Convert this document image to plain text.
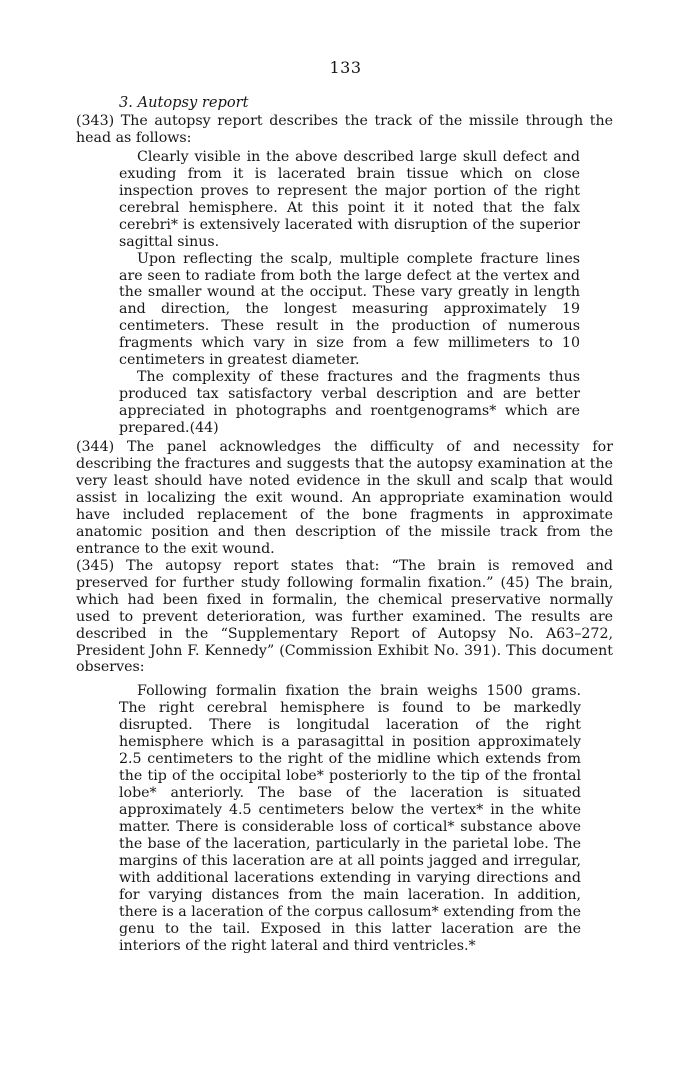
133
3. Autopsy report

(343) The autopsy report describes the track of the missile through the head as follows:

Clearly visible in the above described large skull defect and exuding from it is lacerated brain tissue which on close inspection proves to represent the major portion of the right cerebral hemisphere. At this point it it noted that the falx cerebri* is extensively lacerated with disruption of the superior sagittal sinus.

Upon reflecting the scalp, multiple complete fracture lines are seen to radiate from both the large defect at the vertex and the smaller wound at the occiput. These vary greatly in length and direction, the longest measuring approximately 19 centimeters. These result in the production of numerous fragments which vary in size from a few millimeters to 10 centimeters in greatest diameter.

The complexity of these fractures and the fragments thus produced tax satisfactory verbal description and are better appreciated in photographs and roentgenograms* which are prepared.(44)

(344) The panel acknowledges the difficulty of and necessity for describing the fractures and suggests that the autopsy examination at the very least should have noted evidence in the skull and scalp that would assist in localizing the exit wound. An appropriate examination would have included replacement of the bone fragments in approximate anatomic position and then description of the missile track from the entrance to the exit wound.

(345) The autopsy report states that: “The brain is removed and preserved for further study following formalin fixation.” (45) The brain, which had been fixed in formalin, the chemical preservative normally used to prevent deterioration, was further examined. The results are described in the “Supplementary Report of Autopsy No. A63–272, President John F. Kennedy” (Commission Exhibit No. 391). This document observes:

Following formalin fixation the brain weighs 1500 grams. The right cerebral hemisphere is found to be markedly disrupted. There is longitudal laceration of the right hemisphere which is a parasagittal in position approximately 2.5 centimeters to the right of the midline which extends from the tip of the occipital lobe* posteriorly to the tip of the frontal lobe* anteriorly. The base of the laceration is situated approximately 4.5 centimeters below the vertex* in the white matter. There is considerable loss of cortical* substance above the base of the laceration, particularly in the parietal lobe. The margins of this laceration are at all points jagged and irregular, with additional lacerations extending in varying directions and for varying distances from the main laceration. In addition, there is a laceration of the corpus callosum* extending from the genu to the tail. Exposed in this latter laceration are the interiors of the right lateral and third ventricles.*
